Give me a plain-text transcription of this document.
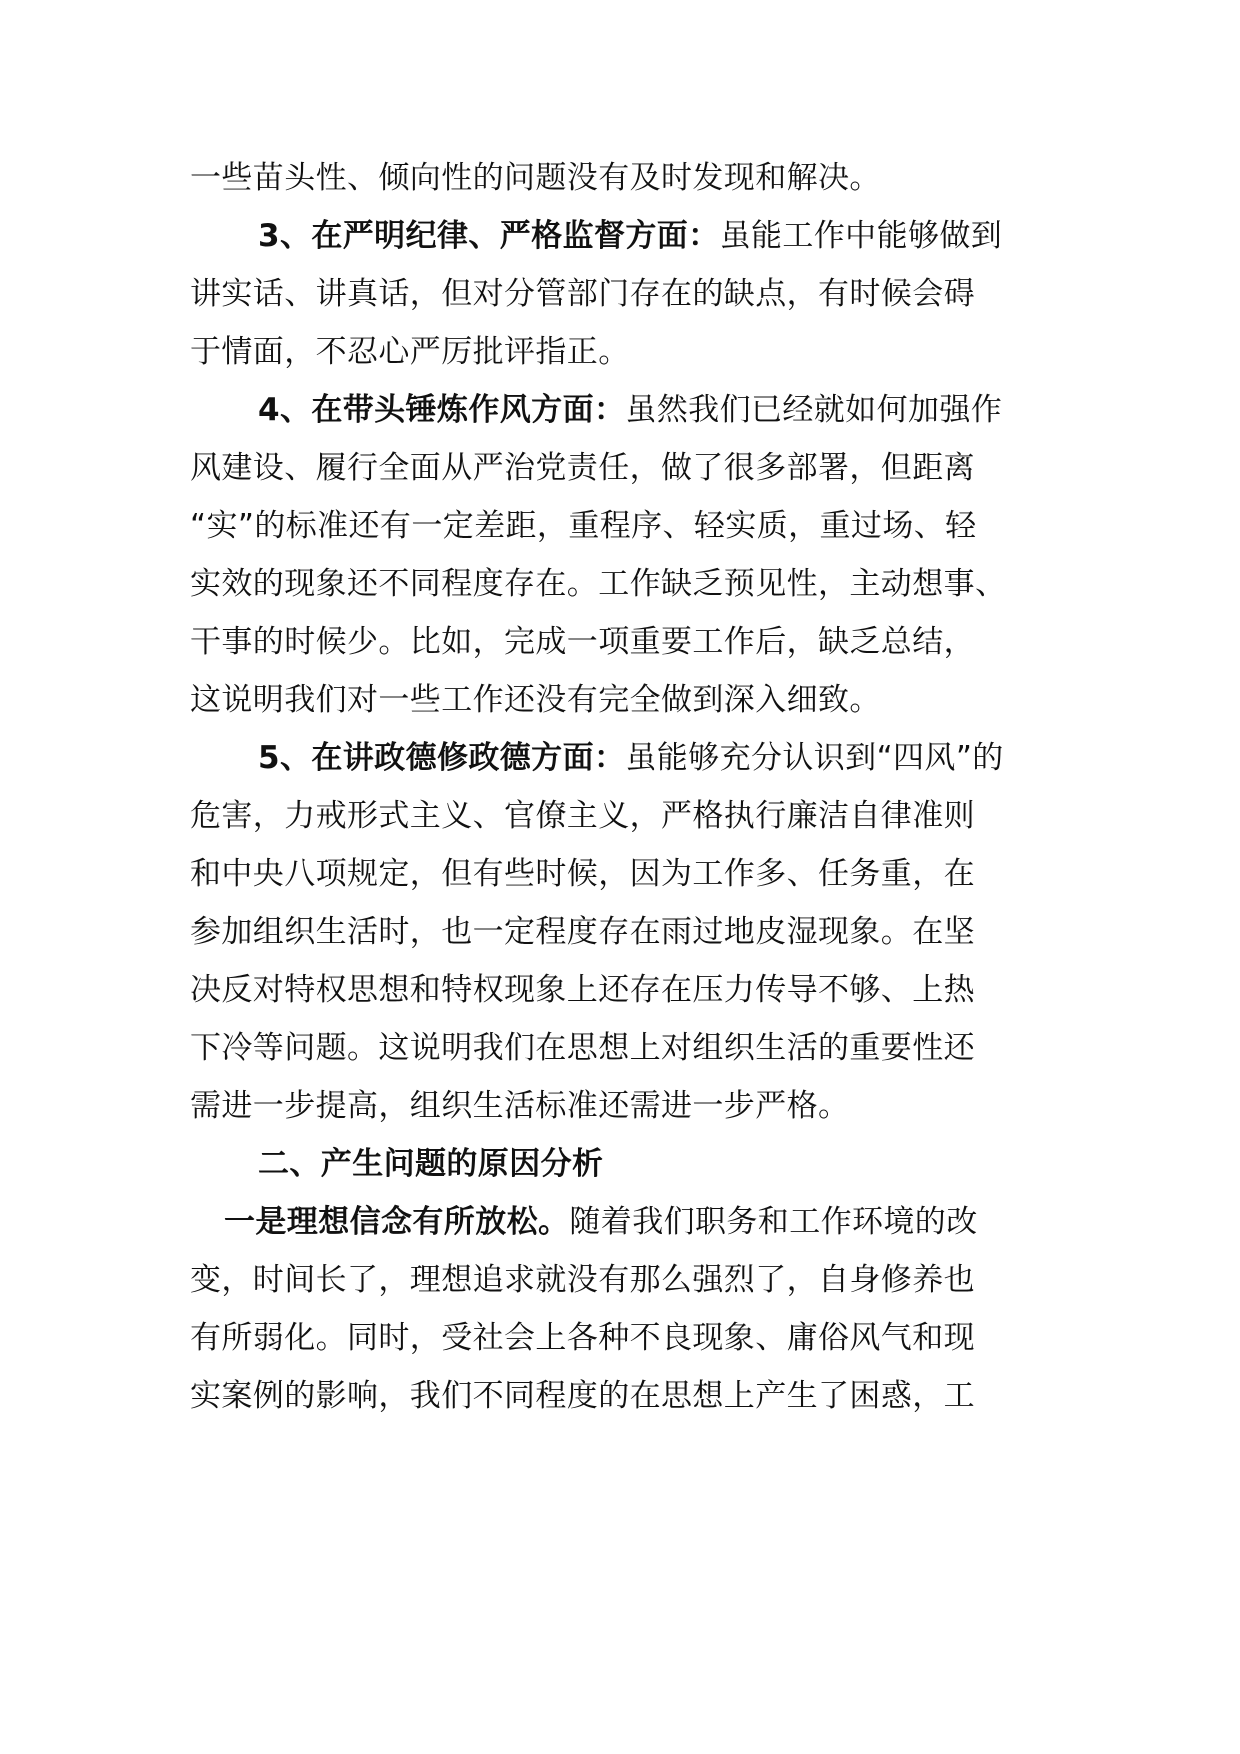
一些苗头性、倾向性的问题没有及时发现和解决。
3、在严明纪律、严格监督方面：虽能工作中能够做到
讲实话、讲真话，但对分管部门存在的缺点，有时候会碍
于情面，不忍心严厉批评指正。
4、在带头锤炼作风方面：虽然我们已经就如何加强作
风建设、履行全面从严治党责任，做了很多部署，但距离
“实”的标准还有一定差距，重程序、轻实质，重过场、轻
实效的现象还不同程度存在。工作缺乏预见性，主动想事、
干事的时候少。比如，完成一项重要工作后，缺乏总结，
这说明我们对一些工作还没有完全做到深入细致。
5、在讲政德修政德方面：虽能够充分认识到“四风”的
危害，力戒形式主义、官僚主义，严格执行廉洁自律准则
和中央八项规定，但有些时候，因为工作多、任务重，在
参加组织生活时，也一定程度存在雨过地皮湿现象。在坚
决反对特权思想和特权现象上还存在压力传导不够、上热
下冷等问题。这说明我们在思想上对组织生活的重要性还
需进一步提高，组织生活标准还需进一步严格。
二、产生问题的原因分析
一是理想信念有所放松。随着我们职务和工作环境的改
变，时间长了，理想追求就没有那么强烈了，自身修养也
有所弱化。同时，受社会上各种不良现象、庸俗风气和现
实案例的影响，我们不同程度的在思想上产生了困惑，工
